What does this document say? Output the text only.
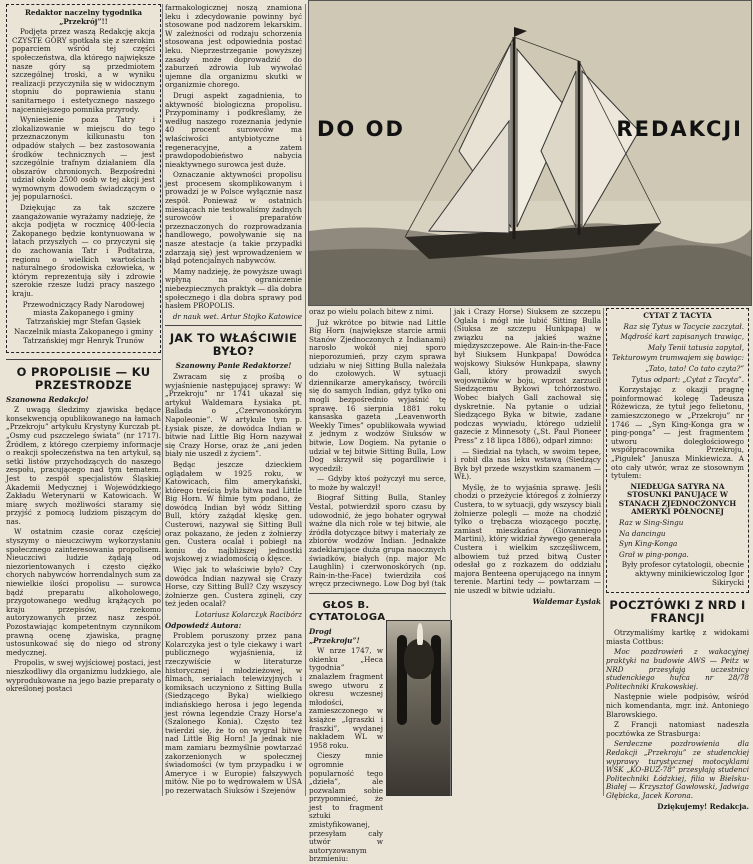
Redaktor naczelny tygodnika „Przekrój”!!

Podjęta przez waszą Redakcję akcja CZYSTE GÓRY spotkała się z szerokim poparciem wśród tej części społeczeństwa, dla którego największe nasze góry są przedmiotem szczególnej troski, a w wyniku realizacji przyczyniła się w widocznym stopniu do poprawienia stanu sanitarnego i estetycznego naszego najcenniejszego pomnika przyrody.

Wyniesienie poza Tatry i zlokalizowanie w miejscu do tego przeznaczonym kilkunastu ton odpadów stałych — bez zastosowania środków technicznych — jest szczególnie trafnym działaniem dla obszarów chronionych. Bezpośredni udział około 2500 osób w tej akcji jest wymownym dowodem świadczącym o jej popularności.

Dziękując za tak szczere zaangażowanie wyrażamy nadzieję, że akcja podjęta w rocznicę 400-lecia Zakopanego będzie kontynuowana w latach przyszłych — co przyczyni się do zachowania Tatr i Podtatrza, regionu o wielkich wartościach naturalnego środowiska człowieka, w którym reprezentują siły i zdrowie szerokie rzesze ludzi pracy naszego kraju.

Przewodniczący Rady Narodowej miasta Zakopanego i gminy Tatrzańskiej mgr Stefan Gąsiek

Naczelnik miasta Zakopanego i gminy Tatrzańskiej mgr Henryk Trunów

O PROPOLISIE — KU PRZESTRODZE

Szanowna Redakcjo!

Z uwagą śledzimy zjawiska będące konsekwencją opublikowanego na łamach „Przekroju” artykułu Krystyny Kurczab pt. „Osmy cud pszczelego świata” (nr 1717). Źródłem, z którego czerpiemy informacje o reakcji społeczeństwa na ten artykuł, są setki listów przychodzących do naszego zespołu, pracującego nad tym tematem. Jest to zespół specjalistów Śląskiej Akademii Medycznej i Wojewódzkiego Zakładu Weterynarii w Katowicach. W miarę swych możliwości staramy się przyjść z pomocą ludziom piszącym do nas.

W ostatnim czasie coraz częściej styszymy o nieuczciwym wykorzystaniu społecznego zainteresowania propolisem. Nieuczciwi ludzie żądają od niezorientowanych i często ciężko chorych nabywców horrendalnych sum za niewielkie ilości propolisu — surowca bądź preparatu alkoholowego, przygotowanego według krążących po kraju przepisów, rzekomo autoryzowanych przez nasz zespół. Pozostawiając kompetentnym czynnikom prawną ocenę zjawiska, pragnę ustosunkować się do niego od strony medycznej.

Propolis, w swej wyjściowej postaci, jest nieszkodliwy dla organizmu ludzkiego, ale wyprodukowane na jego bazie preparaty o określonej postaci

farmakologicznej noszą znamiona leku i zdecydowanie powinny być stosowane pod nadzorem lekarskim. W zależności od rodzaju schorzenia stosowana jest odpowiednia postać leku. Nieprzestrzeganie powyższej zasady może doprowadzić do zaburzeń zdrowia lub wywołać ujemne dla organizmu skutki w organizmie chorego.

Drugi aspekt zagadnienia, to aktywność biologiczna propolisu. Przypominamy i podkreślamy, że według naszego rozeznania jedynie 40 procent surowców ma właściwości antybiotyczne i regeneracyjne, a zatem prawdopodobieństwo nabycia nieaktywnego surowca jest duże.

Oznaczanie aktywności propolisu jest procesem skomplikowanym i prowadzi je w Polsce wyłącznie nasz zespół. Ponieważ w ostatnich miesiącach nie testowaliśmy żadnych surowców i preparatów przeznaczonych do rozprowadzania handlowego, powoływanie się na nasze atestacje (a takie przypadki zdarzają się) jest wprowadzeniem w błąd potencjalnych nabywców.

Mamy nadzieję, że powyższe uwagi wpłyną na ograniczenie niebezpiecznych praktyk — dla dobra społecznego i dla dobra sprawy pod hasłem PROPOLIS.

dr nauk wet. Artur Stojko Katowice

JAK TO WŁAŚCIWIE BYŁO?

Szanowny Panie Redaktorze!

Zwracam się z prośbą o wyjaśnienie następującej sprawy: W „Przekroju” nr 1741 ukazał się artykuł Waldemara Łysiaka pt. Ballada o „Czerwonoskórym Napoleonie”. W artykule tym p. Łysiak pisze, że dowódca Indian w bitwie nad Little Big Horn nazywał się Crazy Horse, oraz że „ani jeden biały nie uszedł z życiem”.

Będąc jeszcze dzieckiem oglądałem w 1925 roku, w Katowicach, film amerykański, którego treścią była bitwa nad Little Big Horn. W filmie tym podano, że dowódcą Indian był wódz Sitting Bull, który zażądał klęskę gen. Custerowi, nazywał się Sitting Bull oraz pokazano, że jeden z żołnierzy gen. Custera ocalał i pobiegł na koniu do najbliższej jednostki wojskowej z wiadomością o klęsce.

Więc jak to właściwie było? Czy dowódca Indian nazywał się Crazy Horse, czy Sitting Bull? Czy wszyscy żołnierze gen. Custera zginęli, czy też jeden ocalał?

Lotariusz Kolarczyk Racibórz

Odpowiedź Autora:

Problem poruszony przez pana Kolarczyka jest o tyle ciekawy i wart publicznego wyjaśnienia, iż rzeczywiście w literaturze historycznej i młodzieżowej, w filmach, serialach telewizyjnych i komiksach uczyniono z Sitting Bulla (Siedzącego Byka) wielkiego indiańskiego herosa i jego legenda jest równa legendzie Crazy Horse'a (Szalonego Konia). Często też twierdzi się, że to on wygrał bitwę nad Little Big Horn! Ja jednak nie mam zamiaru bezmyślnie powtarzać zakorzenionych w społecznej świadomości (w tym przypadku i w Ameryce i w Europie) fałszywych mitów. Nie po to wędrowałem w USA po rezerwatach Siuksów i Szejenów

DO OD	REDAKCJI

oraz po wielu polach bitew z nimi.

Już wkrótce po bitwie nad Little Big Horn (największe starcie armii Stanów Zjednoczonych z Indianami) narosło wokół niej sporo nieporozumień, przy czym sprawa udziału w niej Sitting Bulla należała do czołowych. W sytuacji dziennikarze amerykańscy, twórcili się do samych Indian, gdyż tylko oni mogli bezpośrednio wyjaśnić tę sprawę. 16 sierpnia 1881 roku kansaska gazeta „Leavenworth Weekly Times” opublikowała wywiad z jednym z wodzów Siuksów w bitwie, Low Dogiem. Na pytanie o udział w tej bitwie Sitting Bulla, Low Dog skrzywił się pogardliwie i wycedził:

— Gdyby ktoś pożyczył mu serce, to może by walczył!

Biograf Sitting Bulla, Stanley Vestal, potwierdził sporo czasu by udowodnić, że jego bohater ogrywał ważne dla nich role w tej bitwie, ale źródła dotyczące bitwy i materiały ze zbiorów wodzów Indian. Jednakże zadeklarujące duża grupa naocznych świadków, białych (np. major Mc Laughlin) i czerwonoskórych (np. Rain-in-the-Face) twierdziła coś wręcz przeciwnego. Low Dog był (tak

GŁOS B. CYTATOLOGA

Drogi „Przekroju”!

W nrze 1747, w okienku „Heca tygodnia” znalazłem fragment swego utworu z okresu wczesnej młodości, zamieszczonego w książce „Igraszki i fraszki”, wydanej nakładem WL w 1958 roku.

Cieszy mnie ogromnie popularność tego „dzieła”, ale pozwalam sobie przypomnieć, że jest to fragment sztuki zmistyfikowanej, przesyłam cały utwór w autoryzowanym brzmieniu:

jak i Crazy Horse) Siuksem ze szczepu Oglala i mógł nie lubić Sitting Bulla (Siuksa ze szczepu Hunkpapa) w związku na jakieś ważne międzyszczepowe. Ale Rain-in-the-Face był Siuksem Hunkpapa! Dowódca wojskowy Siuksów Hunkpapa, sławny Gall, który prowadził swych wojowników w boju, wprost zarzucił Siedzącemu Bykowi tchórzostwo. Wobec białych Gall zachował się dyskretnie. Na pytanie o udział Siedzącego Byka w bitwie, zadane podczas wywiadu, którego udzielił gazecie z Minnesoty („St. Paul Pioneer Press” z 18 lipca 1886), odparł zimno:

— Siedział na tyłach, w swoim tepee, i robił dla nas leku wstawą (Siedzący Byk był przede wszystkim szamanem — WŁ).

Myślę, że to wyjaśnia sprawę. Jeśli chodzi o przeżycie któregoś z żołnierzy Custera, to w sytuacji, gdy wszyscy biali żołnierze polegli — może na chodzić tylko o trębacza wiozącego pocztę, zamiast mieszkańca (Giovanniego Martini), który widział żywego generała Custera i wielkim szczęśliwcem, albowiem tuż przed bitwą Custer odesłał go z rozkazem do oddziału majora Benteena operującego na innym terenie. Martini tedy — powtarzam — nie uszedł w bitwie udziału.

Waldemar Łysiak

CYTAT Z TACYTA

Raz się Tytus w Tacycie zaczytał.

Mądrość kart zapisanych trawiąc,

Mały Tenii tatusia zapytał,

Tekturowym trumwajem się bawiąc:

„Tato, tato! Co tato czyta?”

Tytus odpart: „Cytat z Tacyta”.

Korzystając z okazji pragnę poinformować kolegę Tadeusza Różewicza, że tytuł jego felietonu, zamieszczonego w „Przekroju” nr 1746 — „Syn King-Konga gra w ping-ponga” — jest fragmentem utworu doległościowego współpracownika Przekroju, „Pigułek” Janusza Minkiewicza. A oto cały utwór, wraz ze stosownym tytułem:

NIEDŁUGA SATYRA NA STOSUNKI PANUJĄCE W STANACH ZJEDNOCZONYCH AMERYKI PÓŁNOCNEJ

Raz w Sing-Singu

Na dancingu

Syn King-Konga

Grał w ping-ponga.

Były profesor cytatologii, obecnie aktywny minikiewiczolog Igor Sikirycki

POCZTÓWKI Z NRD I FRANCJI

Otrzymaliśmy kartkę z widokami miasta Cottbus:

Moc pozdrowień z wakacyjnej praktyki na budowie AWS — Peitz w NRD przesyłają uczestnicy studenckiego hufca nr 28/78 Politechniki Krakowskiej.

Następnie wiele podpisów, wśród nich komendanta, mgr. inż. Antoniego Blarowskiego.

Z Francji natomiast nadeszła pocztówka ze Strasburga:

Serdeczne pozdrowienia dla Redakcji „Przekroju” ze studenckiej wyprawy turystycznej motocyklami WSK „KO-BUZ-78” przesyłają studenci Politechniki Łódzkiej, filia w Bielsku-Białej — Krzysztof Gawłowski, Jadwiga Głębicka, Jacek Korona.

Dziękujemy! Redakcja.
